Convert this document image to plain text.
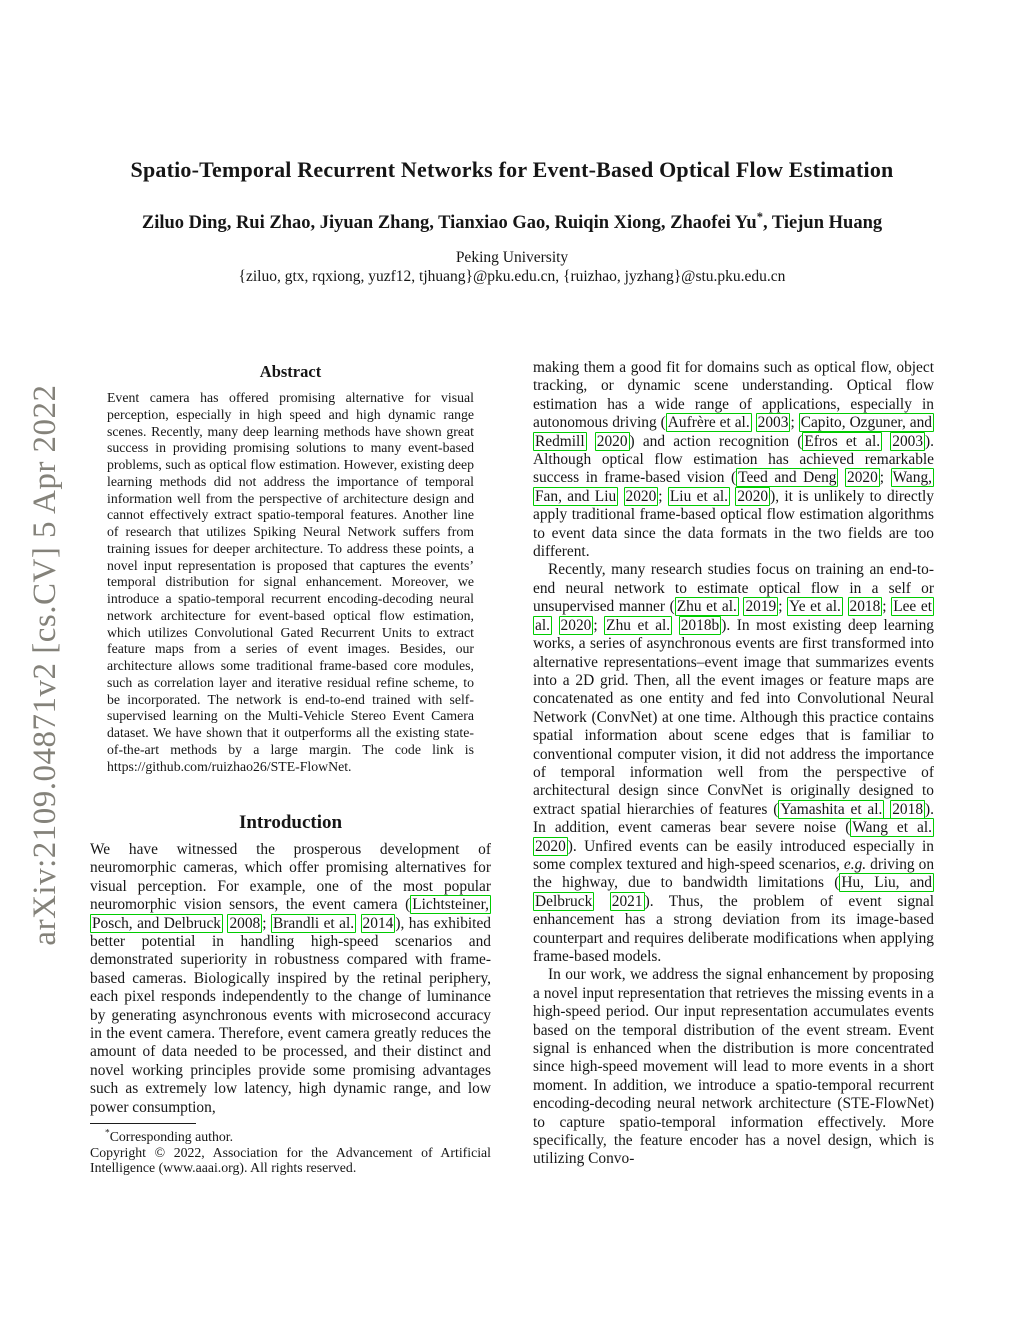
arXiv:2109.04871v2 [cs.CV] 5 Apr 2022
Spatio-Temporal Recurrent Networks for Event-Based Optical Flow Estimation
Ziluo Ding, Rui Zhao, Jiyuan Zhang, Tianxiao Gao, Ruiqin Xiong, Zhaofei Yu*, Tiejun Huang
Peking University
{ziluo, gtx, rqxiong, yuzf12, tjhuang}@pku.edu.cn, {ruizhao, jyzhang}@stu.pku.edu.cn
Abstract
Event camera has offered promising alternative for visual perception, especially in high speed and high dynamic range scenes. Recently, many deep learning methods have shown great success in providing promising solutions to many event-based problems, such as optical flow estimation. However, existing deep learning methods did not address the importance of temporal information well from the perspective of architecture design and cannot effectively extract spatio-temporal features. Another line of research that utilizes Spiking Neural Network suffers from training issues for deeper architecture. To address these points, a novel input representation is proposed that captures the events’ temporal distribution for signal enhancement. Moreover, we introduce a spatio-temporal recurrent encoding-decoding neural network architecture for event-based optical flow estimation, which utilizes Convolutional Gated Recurrent Units to extract feature maps from a series of event images. Besides, our architecture allows some traditional frame-based core modules, such as correlation layer and iterative residual refine scheme, to be incorporated. The network is end-to-end trained with self-supervised learning on the Multi-Vehicle Stereo Event Camera dataset. We have shown that it outperforms all the existing state-of-the-art methods by a large margin. The code link is https://github.com/ruizhao26/STE-FlowNet.
Introduction
We have witnessed the prosperous development of neuromorphic cameras, which offer promising alternatives for visual perception. For example, one of the most popular neuromorphic vision sensors, the event camera ( Lichtsteiner, Posch, and Delbruck 2008 ; Brandli et al. 2014 ), has exhibited better potential in handling high-speed scenarios and demonstrated superiority in robustness compared with frame-based cameras. Biologically inspired by the retinal periphery, each pixel responds independently to the change of luminance by generating asynchronous events with microsecond accuracy in the event camera. Therefore, event camera greatly reduces the amount of data needed to be processed, and their distinct and novel working principles provide some promising advantages such as extremely low latency, high dynamic range, and low power consumption,

*Corresponding author.

Copyright © 2022, Association for the Advancement of Artificial Intelligence (www.aaai.org). All rights reserved.

making them a good fit for domains such as optical flow, object tracking, or dynamic scene understanding. Optical flow estimation has a wide range of applications, especially in autonomous driving ( Aufrère et al. 2003 ; Capito, Ozguner, and Redmill 2020 ) and action recognition ( Efros et al. 2003 ). Although optical flow estimation has achieved remarkable success in frame-based vision ( Teed and Deng 2020 ; Wang, Fan, and Liu 2020 ; Liu et al. 2020 ), it is unlikely to directly apply traditional frame-based optical flow estimation algorithms to event data since the data formats in the two fields are too different.

Recently, many research studies focus on training an end-to-end neural network to estimate optical flow in a self or unsupervised manner ( Zhu et al. 2019 ; Ye et al. 2018 ; Lee et al. 2020 ; Zhu et al. 2018b ). In most existing deep learning works, a series of asynchronous events are first transformed into alternative representations–event image that summarizes events into a 2D grid. Then, all the event images or feature maps are concatenated as one entity and fed into Convolutional Neural Network (ConvNet) at one time. Although this practice contains spatial information about scene edges that is familiar to conventional computer vision, it did not address the importance of temporal information well from the perspective of architectural design since ConvNet is originally designed to extract spatial hierarchies of features ( Yamashita et al. 2018 ). In addition, event cameras bear severe noise ( Wang et al. 2020 ). Unfired events can be easily introduced especially in some complex textured and high-speed scenarios, e.g. driving on the highway, due to bandwidth limitations ( Hu, Liu, and Delbruck 2021 ). Thus, the problem of event signal enhancement has a strong deviation from its image-based counterpart and requires deliberate modifications when applying frame-based models.

In our work, we address the signal enhancement by proposing a novel input representation that retrieves the missing events in a high-speed period. Our input representation accumulates events based on the temporal distribution of the event stream. Event signal is enhanced when the distribution is more concentrated since high-speed movement will lead to more events in a short moment. In addition, we introduce a spatio-temporal recurrent encoding-decoding neural network architecture (STE-FlowNet) to capture spatio-temporal information effectively. More specifically, the feature encoder has a novel design, which is utilizing Convo-
